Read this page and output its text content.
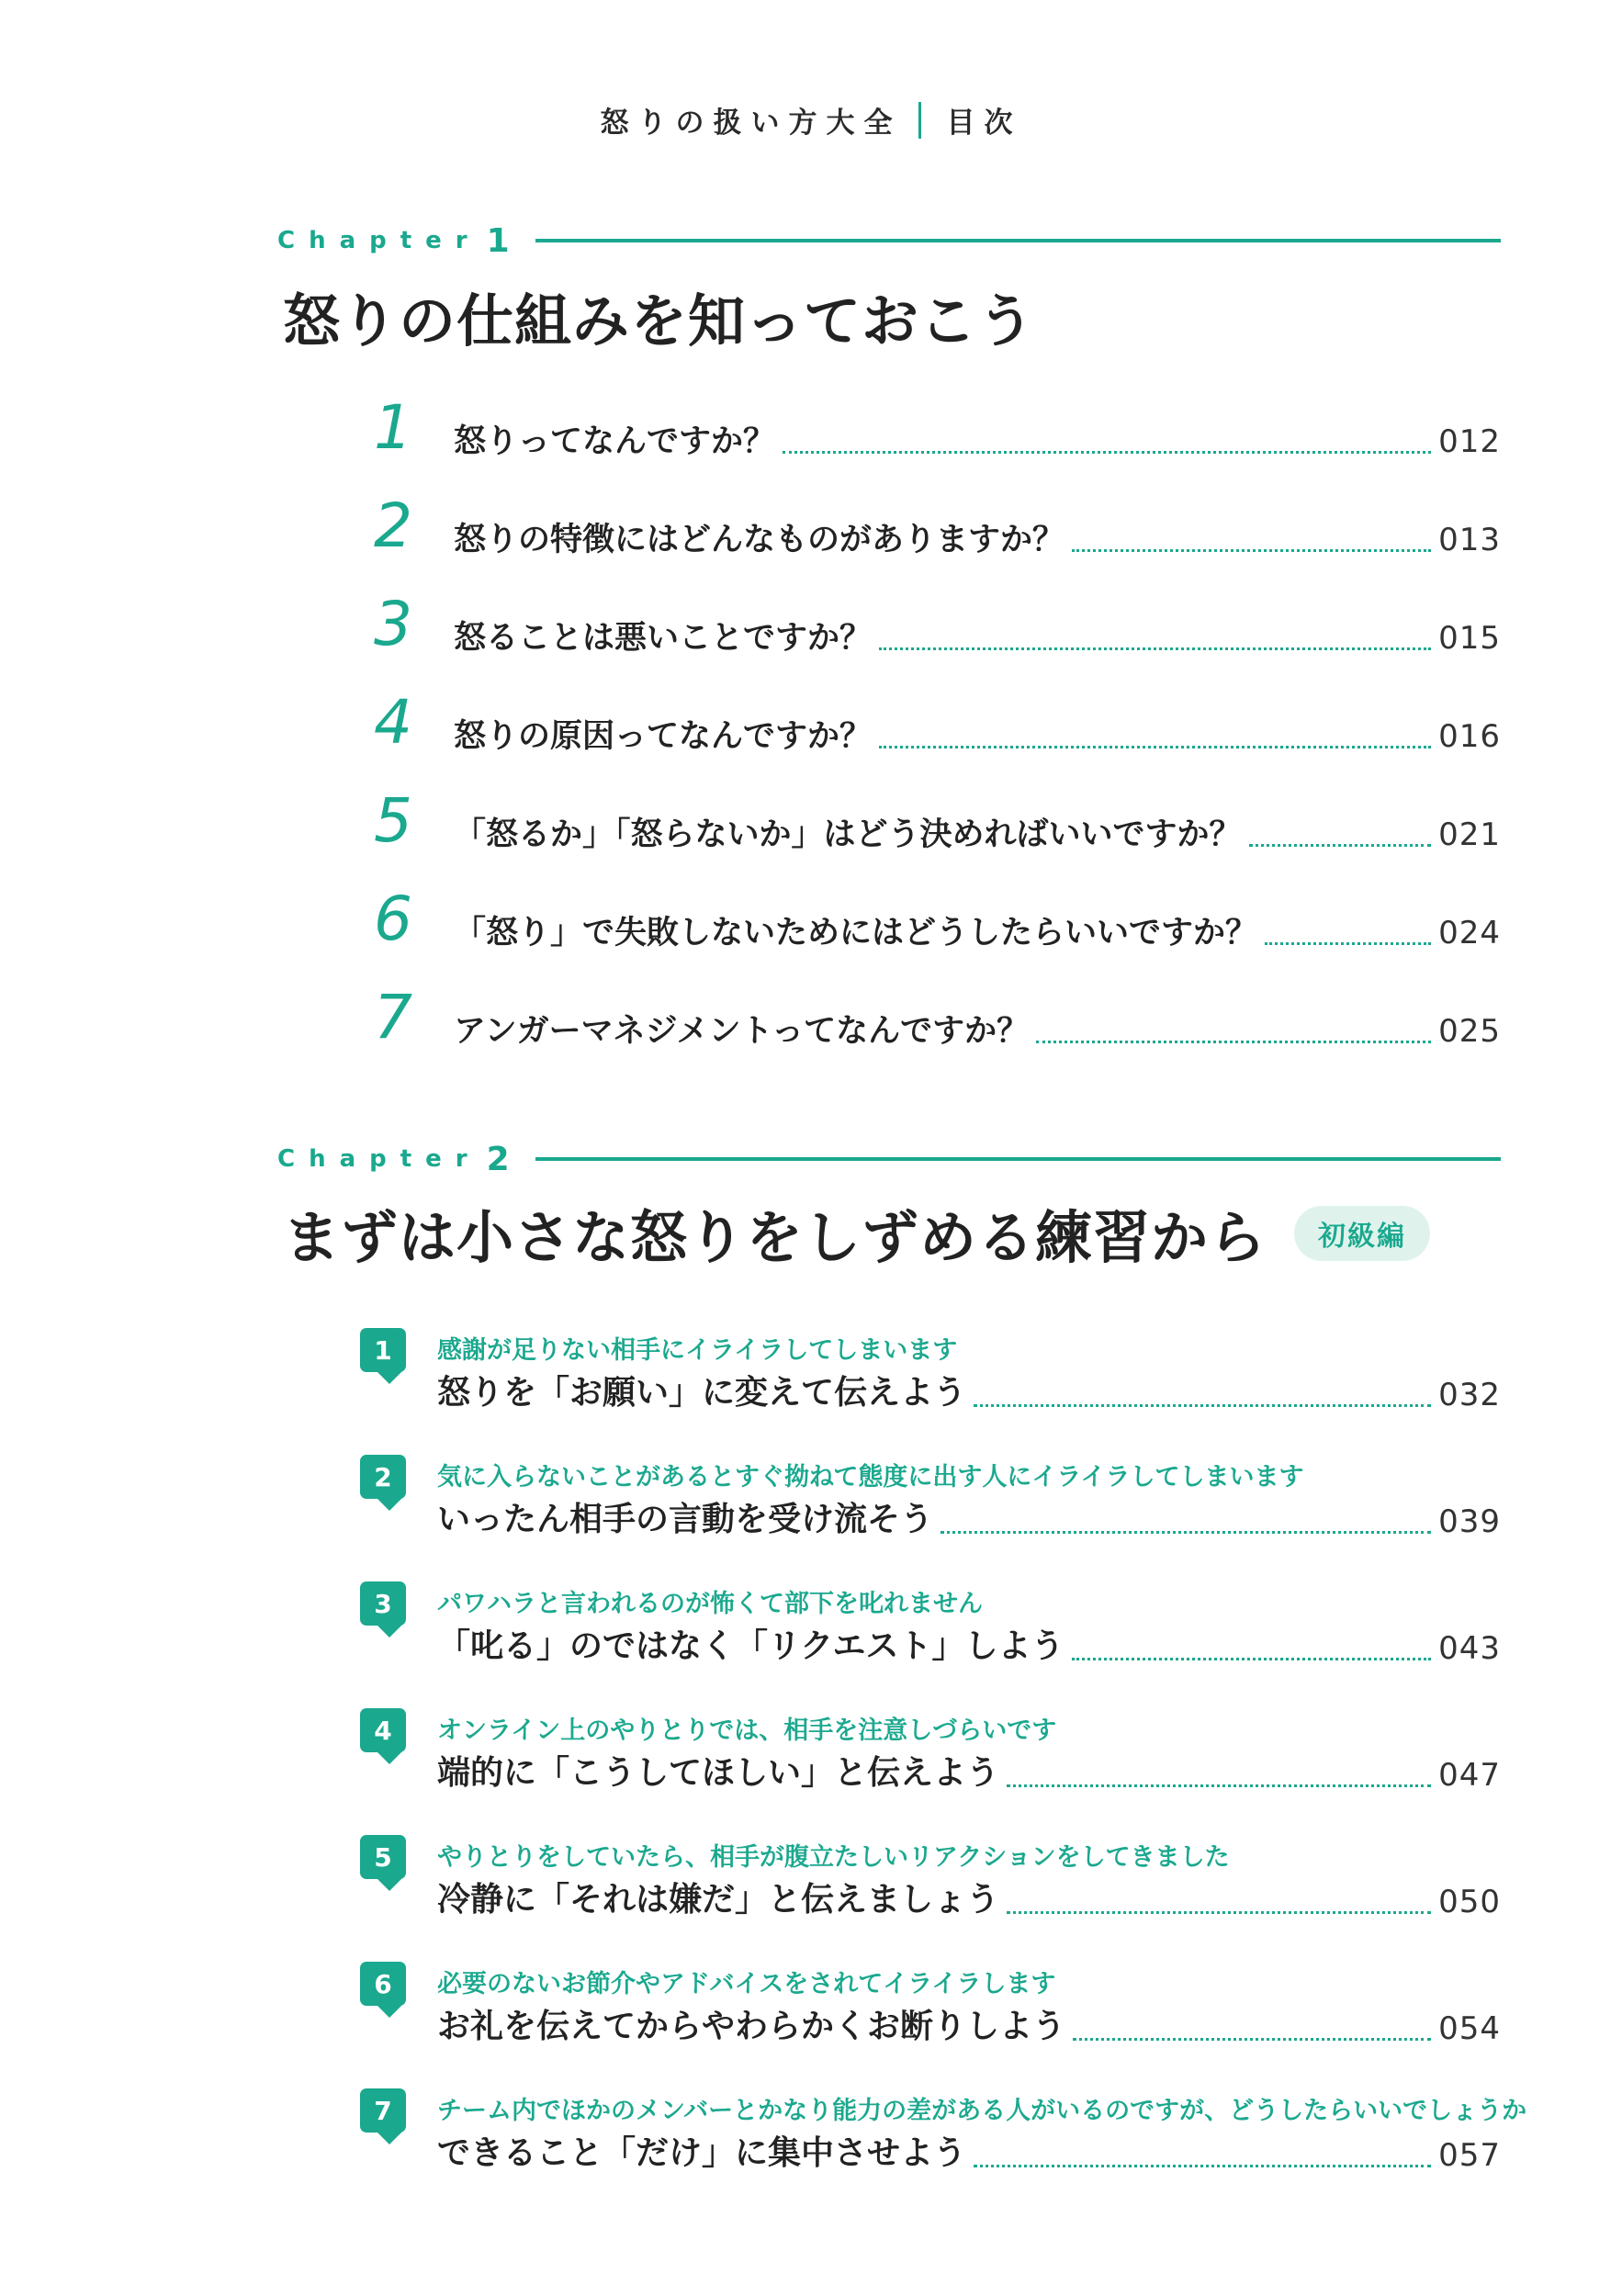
怒りの扱い方大全 目次
Chapter 1
怒りの仕組みを知っておこう
1	怒りってなんですか？	012
2	怒りの特徴にはどんなものがありますか？	013
3	怒ることは悪いことですか？	015
4	怒りの原因ってなんですか？	016
5	「怒るか」「怒らないか」はどう決めればいいですか？	021
6	「怒り」で失敗しないためにはどうしたらいいですか？	024
7	アンガーマネジメントってなんですか？	025
Chapter 2
まずは小さな怒りをしずめる練習から	初級編
1	感謝が足りない相手にイライラしてしまいます
怒りを「お願い」に変えて伝えよう	032
2	気に入らないことがあるとすぐ拗ねて態度に出す人にイライラしてしまいます
いったん相手の言動を受け流そう	039
3	パワハラと言われるのが怖くて部下を叱れません
「叱る」のではなく「リクエスト」しよう	043
4	オンライン上のやりとりでは、相手を注意しづらいです
端的に「こうしてほしい」と伝えよう	047
5	やりとりをしていたら、相手が腹立たしいリアクションをしてきました
冷静に「それは嫌だ」と伝えましょう	050
6	必要のないお節介やアドバイスをされてイライラします
お礼を伝えてからやわらかくお断りしよう	054
7	チーム内でほかのメンバーとかなり能力の差がある人がいるのですが、どうしたらいいでしょうか
できること「だけ」に集中させよう	057
